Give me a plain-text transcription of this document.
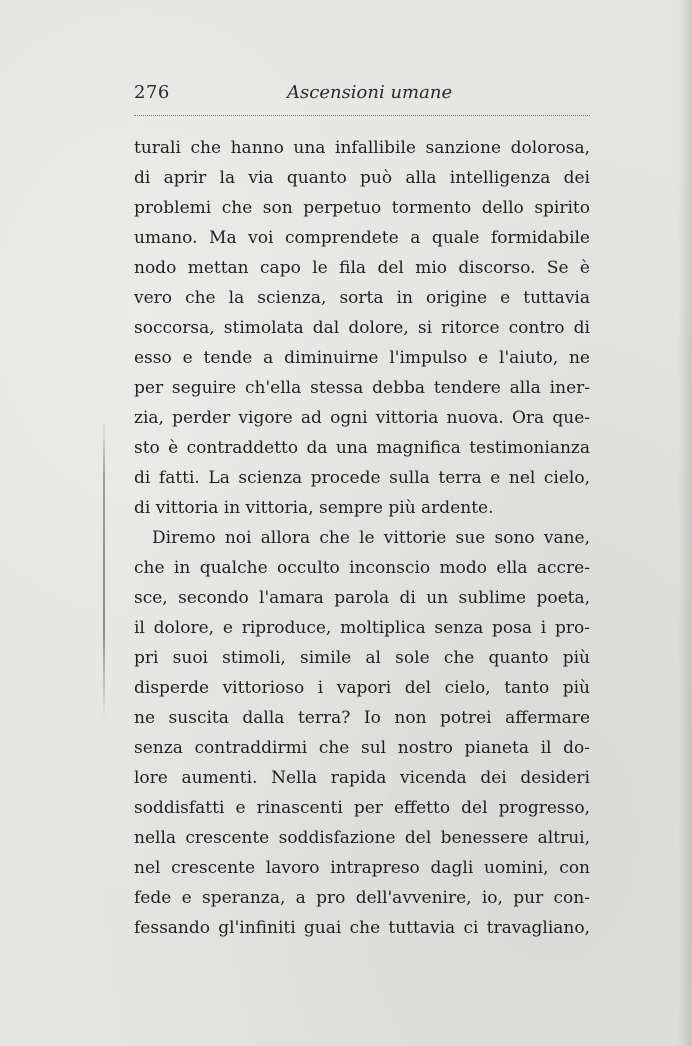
276	Ascensioni umane
turali che hanno una infallibile sanzione dolorosa,
di aprir la via quanto può alla intelligenza dei
problemi che son perpetuo tormento dello spirito
umano. Ma voi comprendete a quale formidabile
nodo mettan capo le fila del mio discorso. Se è
vero che la scienza, sorta in origine e tuttavia
soccorsa, stimolata dal dolore, si ritorce contro di
esso e tende a diminuirne l'impulso e l'aiuto, ne
per seguire ch'ella stessa debba tendere alla iner-
zia, perder vigore ad ogni vittoria nuova. Ora que-
sto è contraddetto da una magnifica testimonianza
di fatti. La scienza procede sulla terra e nel cielo,
di vittoria in vittoria, sempre più ardente.
Diremo noi allora che le vittorie sue sono vane,
che in qualche occulto inconscio modo ella accre-
sce, secondo l'amara parola di un sublime poeta,
il dolore, e riproduce, moltiplica senza posa i pro-
pri suoi stimoli, simile al sole che quanto più
disperde vittorioso i vapori del cielo, tanto più
ne suscita dalla terra? Io non potrei affermare
senza contraddirmi che sul nostro pianeta il do-
lore aumenti. Nella rapida vicenda dei desideri
soddisfatti e rinascenti per effetto del progresso,
nella crescente soddisfazione del benessere altrui,
nel crescente lavoro intrapreso dagli uomini, con
fede e speranza, a pro dell'avvenire, io, pur con-
fessando gl'infiniti guai che tuttavia ci travagliano,
